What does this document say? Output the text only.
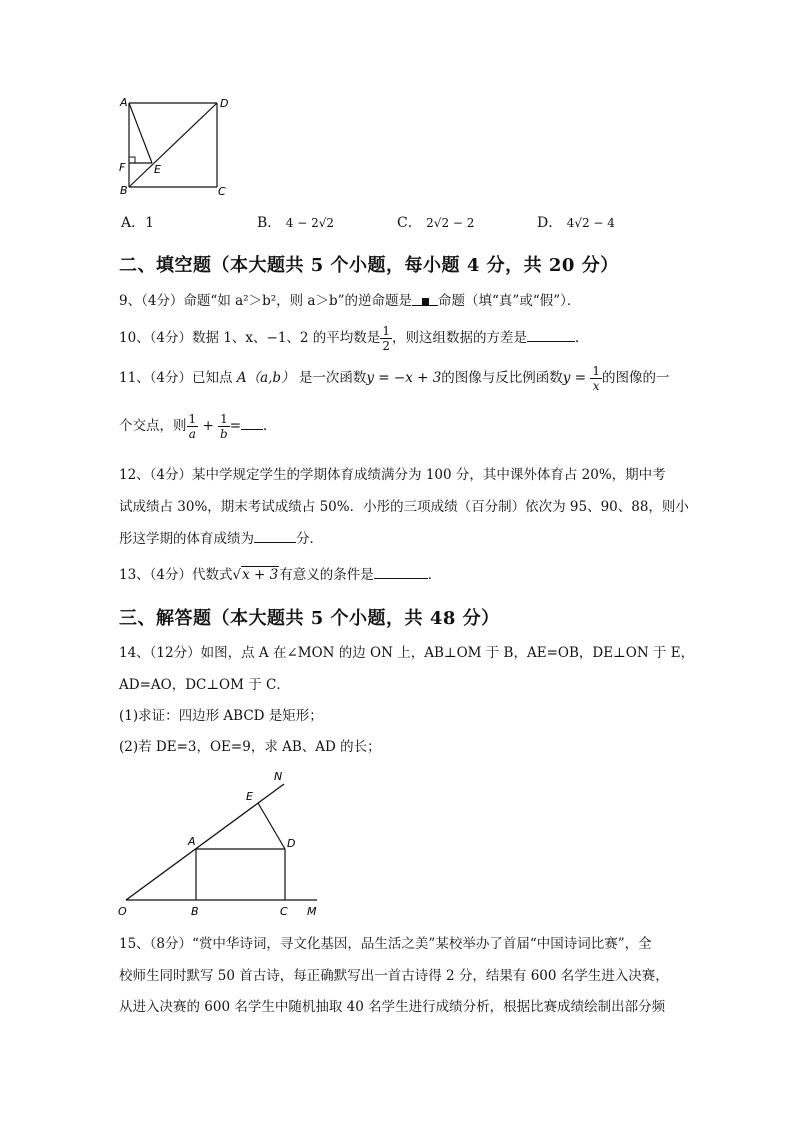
A	D
F	E
B	C
A．1	B． 4 − 2√2	C． 2√2 − 2	D． 4√2 − 4
二、填空题（本大题共 5 个小题，每小题 4 分，共 20 分）
9、（4分）命题“如 a²＞b²，则 a＞b”的逆命题是 命题（填“真”或“假”）．
10、（4分）数据 1、x、−1、2 的平均数是 $\frac{1}{2}$ ，则这组数据的方差是	．
11、（4分）已知点 A（a,b） 是一次函数y = −x + 3的图像与反比例函数$y = \frac{1}{x}$ 的图像的一
个交点，则 $\frac{1}{a} + \frac{1}{b}$ = ．
12、（4分）某中学规定学生的学期体育成绩满分为 100 分，其中课外体育占 20%，期中考
试成绩占 30%，期末考试成绩占 50%．小彤的三项成绩（百分制）依次为 95、90、88，则小
彤这学期的体育成绩为	分．
13、（4分）代数式√x + 3有意义的条件是	．
三、解答题（本大题共 5 个小题，共 48 分）
14、（12分）如图，点 A 在∠MON 的边 ON 上，AB⊥OM 于 B，AE=OB，DE⊥ON 于 E，
AD=AO，DC⊥OM 于 C．
(1)求证：四边形 ABCD 是矩形；
(2)若 DE=3，OE=9，求 AB、AD 的长；
N
E
A	D
O	B	C M
15、（8分）“赏中华诗词，寻文化基因，品生活之美”某校举办了首届“中国诗词比赛”，全
校师生同时默写 50 首古诗，每正确默写出一首古诗得 2 分，结果有 600 名学生进入决赛，
从进入决赛的 600 名学生中随机抽取 40 名学生进行成绩分析，根据比赛成绩绘制出部分频
